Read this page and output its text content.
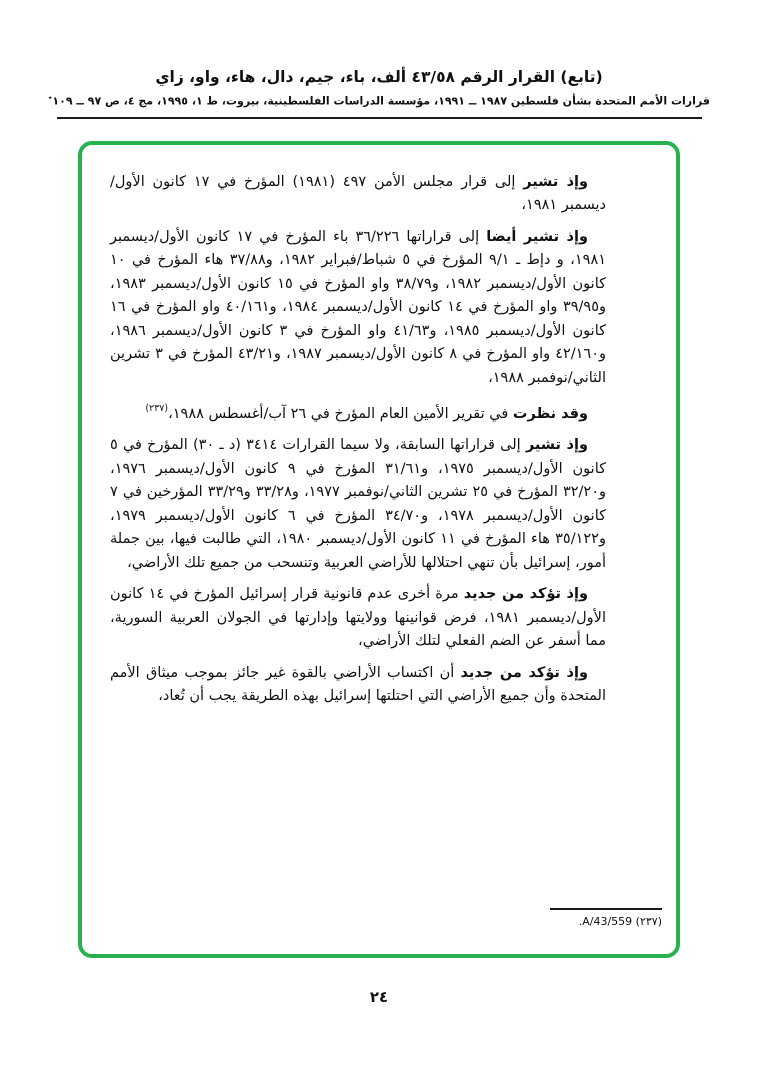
(تابع) القرار الرقم ٤٣/٥٨ ألف، باء، جيم، دال، هاء، واو، زاي
قرارات الأمم المتحدة بشأن فلسطين ١٩٨٧ ــ ١٩٩١، مؤسسة الدراسات الفلسطينية، بيروت، ط ١، ١٩٩٥، مج ٤، ص ٩٧ ــ ١٠٩٭

وإذ تشير إلى قرار مجلس الأمن ٤٩٧ (١٩٨١) المؤرخ في ١٧ كانون الأول/ديسمبر ١٩٨١،

وإذ تشير أيضا إلى قراراتها ٣٦/٢٢٦ باء المؤرخ في ١٧ كانون الأول/ديسمبر ١٩٨١، و دإط ـ ٩/١ المؤرخ في ٥ شباط/فبراير ١٩٨٢، و٣٧/٨٨ هاء المؤرخ في ١٠ كانون الأول/ديسمبر ١٩٨٢، و٣٨/٧٩ واو المؤرخ في ١٥ كانون الأول/ديسمبر ١٩٨٣، و٣٩/٩٥ واو المؤرخ في ١٤ كانون الأول/ديسمبر ١٩٨٤، و٤٠/١٦١ واو المؤرخ في ١٦ كانون الأول/ديسمبر ١٩٨٥، و٤١/٦٣ واو المؤرخ في ٣ كانون الأول/ديسمبر ١٩٨٦، و٤٢/١٦٠ واو المؤرخ في ٨ كانون الأول/ديسمبر ١٩٨٧، و٤٣/٢١ المؤرخ في ٣ تشرين الثاني/نوفمبر ١٩٨٨،

وقد نظرت في تقرير الأمين العام المؤرخ في ٢٦ آب/أغسطس ١٩٨٨،$^{(٢٣٧)}$

وإذ تشير إلى قراراتها السابقة، ولا سيما القرارات ٣٤١٤ (د ـ ٣٠) المؤرخ في ٥ كانون الأول/ديسمبر ١٩٧٥، و٣١/٦١ المؤرخ في ٩ كانون الأول/ديسمبر ١٩٧٦، و٣٢/٢٠ المؤرخ في ٢٥ تشرين الثاني/نوفمبر ١٩٧٧، و٣٣/٢٨ و٣٣/٢٩ المؤرخين في ٧ كانون الأول/ديسمبر ١٩٧٨، و٣٤/٧٠ المؤرخ في ٦ كانون الأول/ديسمبر ١٩٧٩، و٣٥/١٢٢ هاء المؤرخ في ١١ كانون الأول/ديسمبر ١٩٨٠، التي طالبت فيها، بين جملة أمور، إسرائيل بأن تنهي احتلالها للأراضي العربية وتنسحب من جميع تلك الأراضي،

وإذ تؤكد من جديد مرة أخرى عدم قانونية قرار إسرائيل المؤرخ في ١٤ كانون الأول/ديسمبر ١٩٨١، فرض قوانينها وولايتها وإدارتها في الجولان العربية السورية، مما أسفر عن الضم الفعلي لتلك الأراضي،

وإذ تؤكد من جديد أن اكتساب الأراضي بالقوة غير جائز بموجب ميثاق الأمم المتحدة وأن جميع الأراضي التي احتلتها إسرائيل بهذه الطريقة يجب أن تُعاد،

(٢٣٧) A/43/559.
٢٤
